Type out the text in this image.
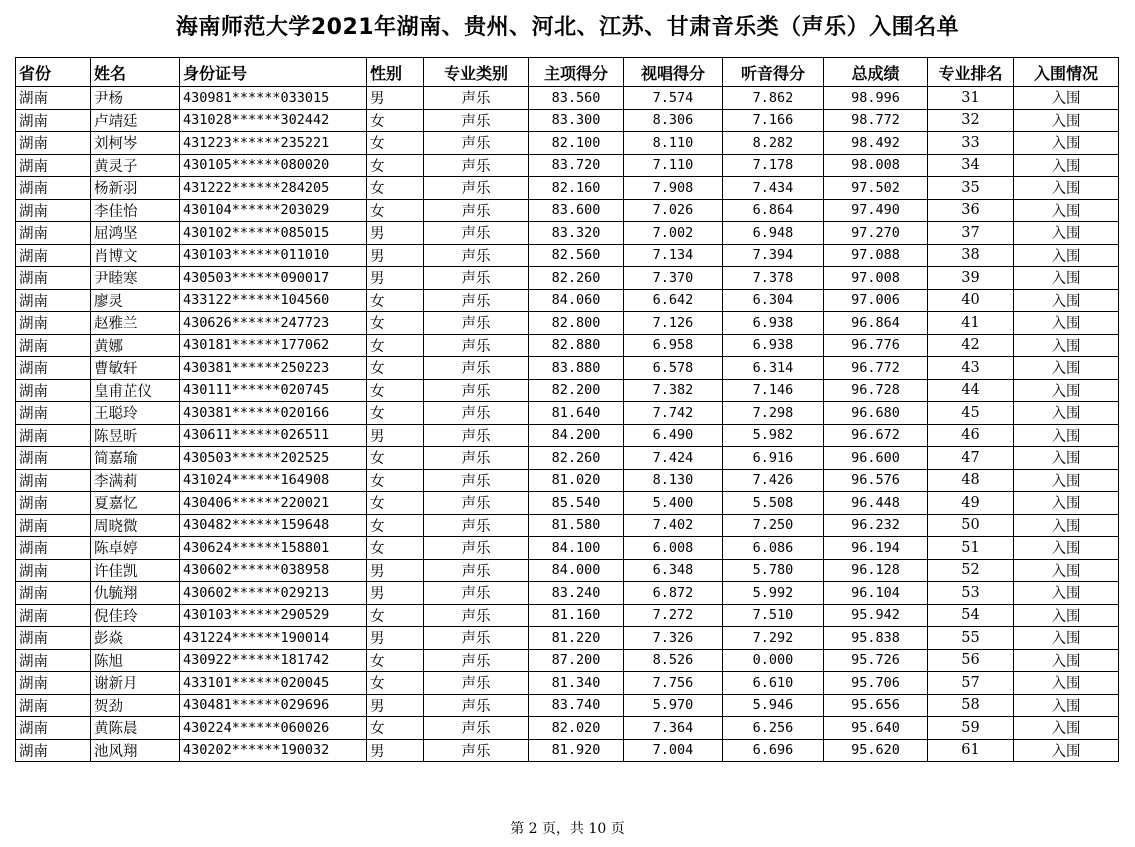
海南师范大学2021年湖南、贵州、河北、江苏、甘肃音乐类（声乐）入围名单
省份	姓名	身份证号	性别	专业类别	主项得分	视唱得分	听音得分	总成绩	专业排名	入围情况
湖南	尹杨	430981******033015	男	声乐	83.560	7.574	7.862	98.996	31	入围
湖南	卢靖廷	431028******302442	女	声乐	83.300	8.306	7.166	98.772	32	入围
湖南	刘柯岑	431223******235221	女	声乐	82.100	8.110	8.282	98.492	33	入围
湖南	黄灵子	430105******080020	女	声乐	83.720	7.110	7.178	98.008	34	入围
湖南	杨新羽	431222******284205	女	声乐	82.160	7.908	7.434	97.502	35	入围
湖南	李佳怡	430104******203029	女	声乐	83.600	7.026	6.864	97.490	36	入围
湖南	屈鸿坚	430102******085015	男	声乐	83.320	7.002	6.948	97.270	37	入围
湖南	肖博文	430103******011010	男	声乐	82.560	7.134	7.394	97.088	38	入围
湖南	尹睦寒	430503******090017	男	声乐	82.260	7.370	7.378	97.008	39	入围
湖南	廖灵	433122******104560	女	声乐	84.060	6.642	6.304	97.006	40	入围
湖南	赵雅兰	430626******247723	女	声乐	82.800	7.126	6.938	96.864	41	入围
湖南	黄娜	430181******177062	女	声乐	82.880	6.958	6.938	96.776	42	入围
湖南	曹敏轩	430381******250223	女	声乐	83.880	6.578	6.314	96.772	43	入围
湖南	皇甫芷仪	430111******020745	女	声乐	82.200	7.382	7.146	96.728	44	入围
湖南	王聪玲	430381******020166	女	声乐	81.640	7.742	7.298	96.680	45	入围
湖南	陈昱昕	430611******026511	男	声乐	84.200	6.490	5.982	96.672	46	入围
湖南	简嘉瑜	430503******202525	女	声乐	82.260	7.424	6.916	96.600	47	入围
湖南	李满莉	431024******164908	女	声乐	81.020	8.130	7.426	96.576	48	入围
湖南	夏嘉忆	430406******220021	女	声乐	85.540	5.400	5.508	96.448	49	入围
湖南	周晓微	430482******159648	女	声乐	81.580	7.402	7.250	96.232	50	入围
湖南	陈卓婷	430624******158801	女	声乐	84.100	6.008	6.086	96.194	51	入围
湖南	许佳凯	430602******038958	男	声乐	84.000	6.348	5.780	96.128	52	入围
湖南	仇毓翔	430602******029213	男	声乐	83.240	6.872	5.992	96.104	53	入围
湖南	倪佳玲	430103******290529	女	声乐	81.160	7.272	7.510	95.942	54	入围
湖南	彭焱	431224******190014	男	声乐	81.220	7.326	7.292	95.838	55	入围
湖南	陈旭	430922******181742	女	声乐	87.200	8.526	0.000	95.726	56	入围
湖南	谢新月	433101******020045	女	声乐	81.340	7.756	6.610	95.706	57	入围
湖南	贺劲	430481******029696	男	声乐	83.740	5.970	5.946	95.656	58	入围
湖南	黄陈晨	430224******060026	女	声乐	82.020	7.364	6.256	95.640	59	入围
湖南	池风翔	430202******190032	男	声乐	81.920	7.004	6.696	95.620	61	入围
第 2 页，共 10 页
